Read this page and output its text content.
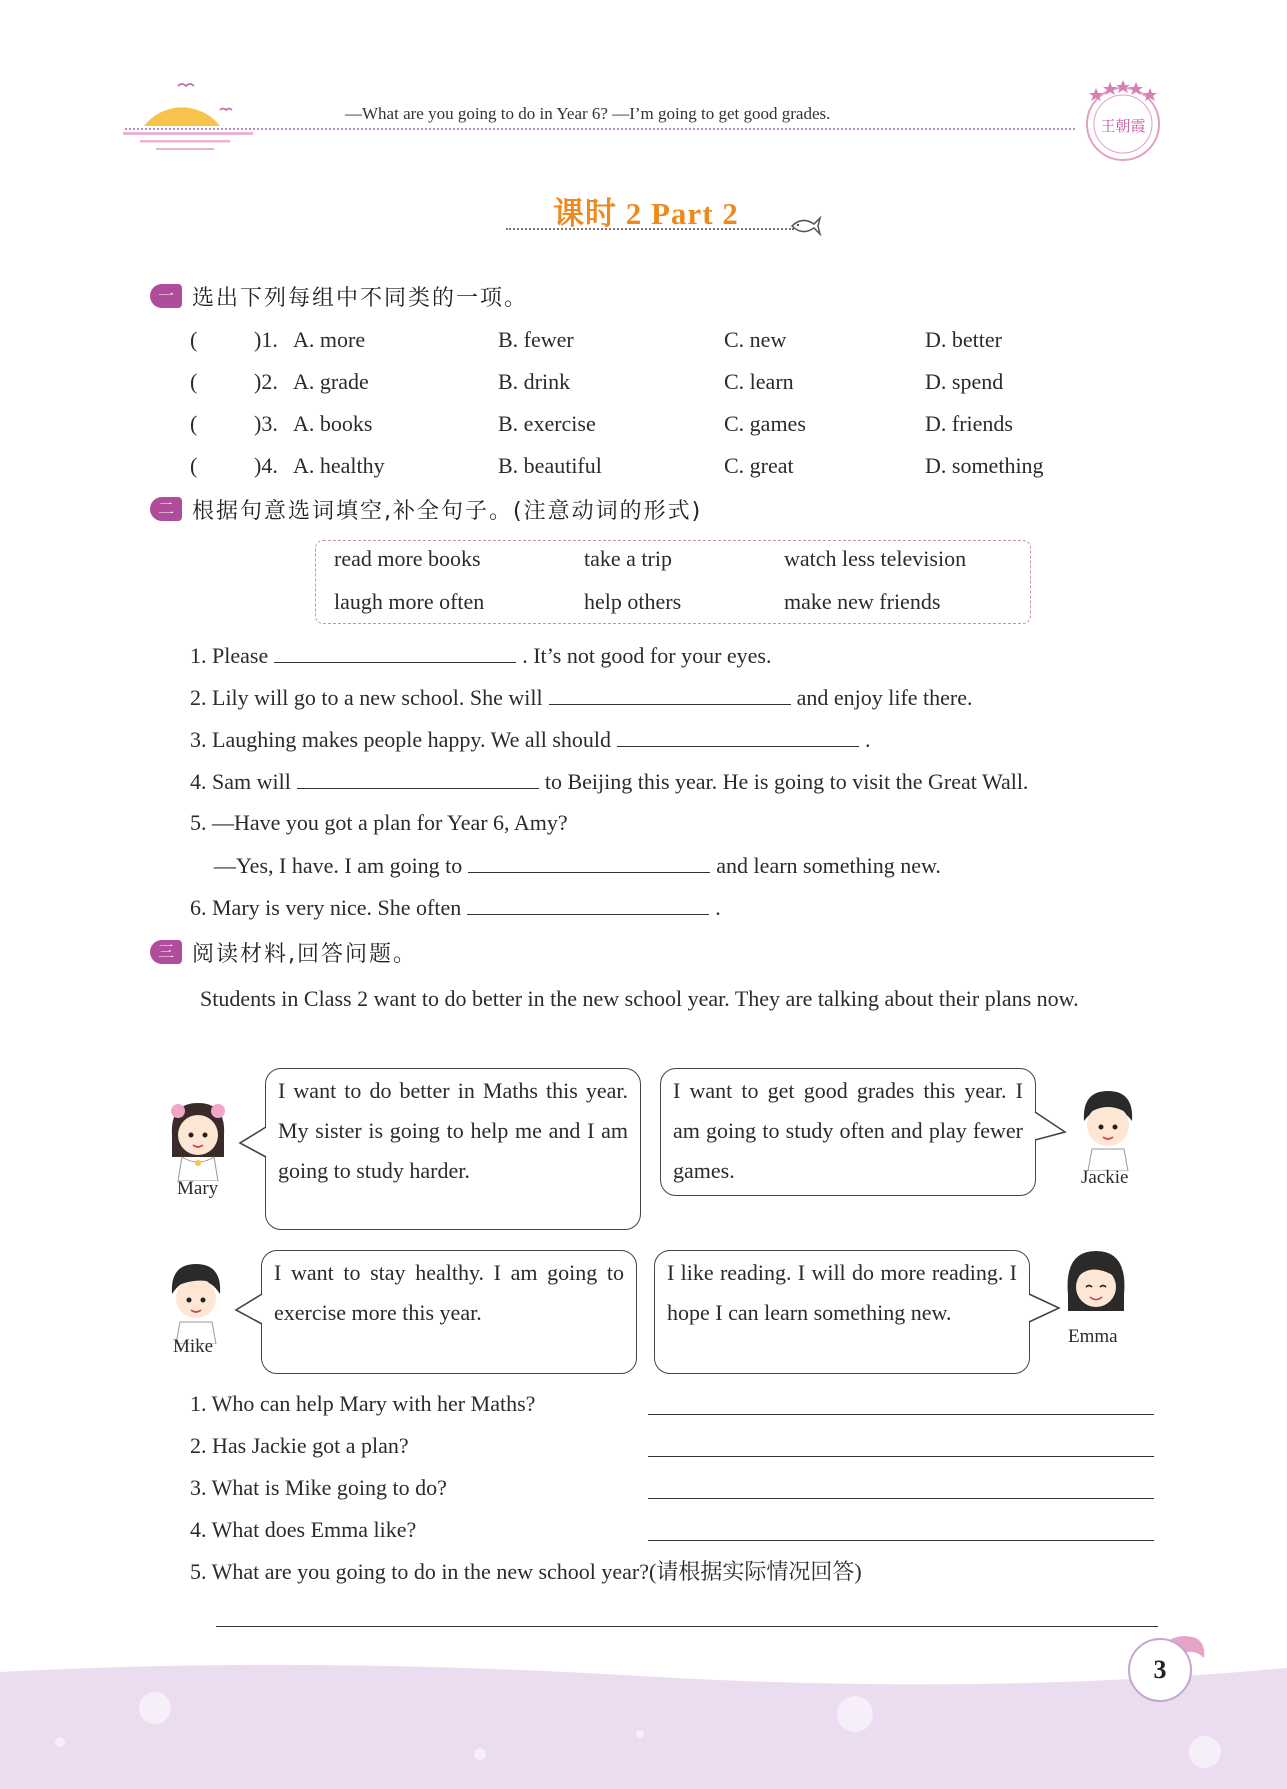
—What are you going to do in Year 6? —I’m going to get good grades.
王朝霞
课时 2 Part 2
一 选出下列每组中不同类的一项。
(	)1. A. more	B. fewer	C. new	D. better
(	)2. A. grade	B. drink	C. learn	D. spend
(	)3. A. books	B. exercise	C. games	D. friends
(	)4. A. healthy	B. beautiful	C. great	D. something
二 根据句意选词填空,补全句子。(注意动词的形式)
read more books	take a trip	watch less television
laugh more often	help others	make new friends
1. Please	. It’s not good for your eyes.
2. Lily will go to a new school. She will	and enjoy life there.
3. Laughing makes people happy. We all should	.
4. Sam will	to Beijing this year. He is going to visit the Great Wall.
5. —Have you got a plan for Year 6, Amy?
—Yes, I have. I am going to	and learn something new.
6. Mary is very nice. She often	.
三 阅读材料,回答问题。
Students in Class 2 want to do better in the new school year. They are talking about their plans now.
Mary
I want to do better in Maths this year. My sister is going to help me and I am going to study harder.
I want to get good grades this year. I am going to study often and play fewer games.	Jackie
Mike
I want to stay healthy. I am going to exercise more this year.
I like reading. I will do more reading. I hope I can learn something new.
Emma
1. Who can help Mary with her Maths?
2. Has Jackie got a plan?
3. What is Mike going to do?
4. What does Emma like?
5. What are you going to do in the new school year?(请根据实际情况回答)
3
